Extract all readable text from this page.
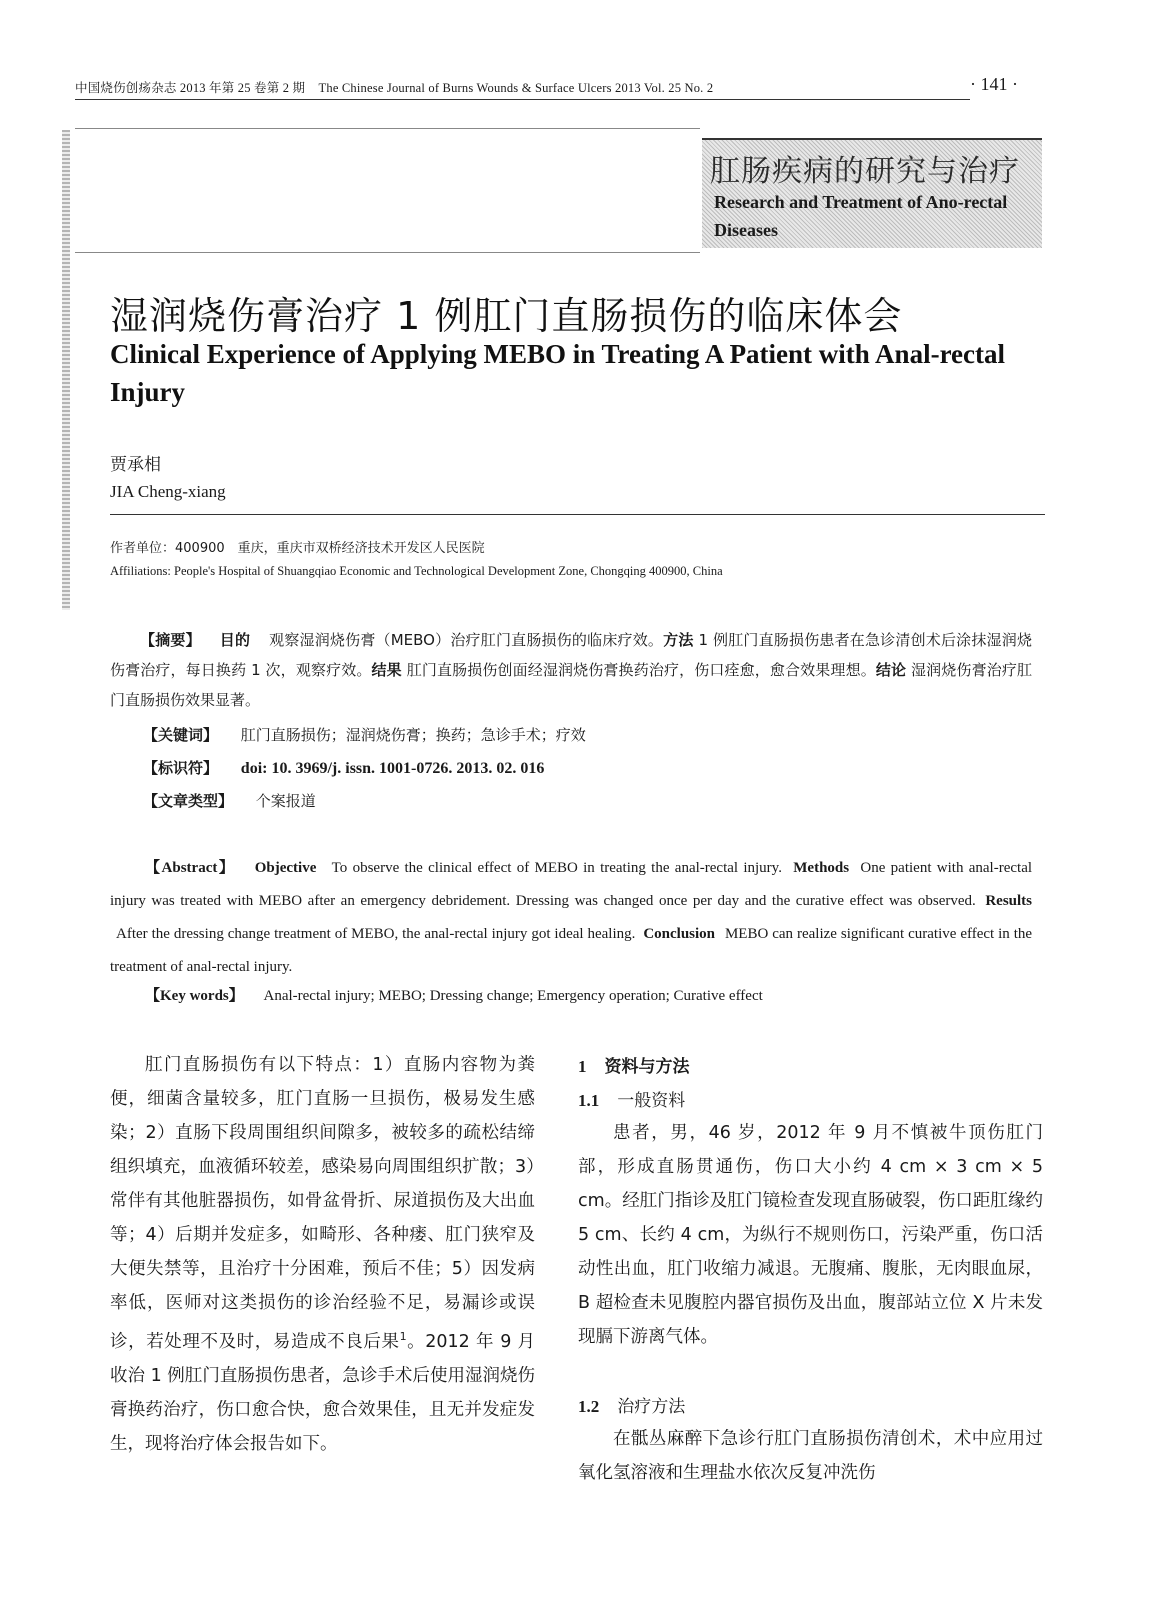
中国烧伤创疡杂志 2013 年第 25 卷第 2 期 The Chinese Journal of Burns Wounds & Surface Ulcers 2013 Vol. 25 No. 2	· 141 ·
肛肠疾病的研究与治疗
Research and Treatment of Ano-rectal Diseases
湿润烧伤膏治疗 1 例肛门直肠损伤的临床体会
Clinical Experience of Applying MEBO in Treating A Patient with Anal-rectal Injury
贾承相
JIA Cheng-xiang
作者单位：400900　重庆，重庆市双桥经济技术开发区人民医院
Affiliations: People's Hospital of Shuangqiao Economic and Technological Development Zone, Chongqing 400900, China
【摘要】 目的 观察湿润烧伤膏（MEBO）治疗肛门直肠损伤的临床疗效。方法 1 例肛门直肠损伤患者在急诊清创术后涂抹湿润烧伤膏治疗，每日换药 1 次，观察疗效。结果 肛门直肠损伤创面经湿润烧伤膏换药治疗，伤口痊愈，愈合效果理想。结论 湿润烧伤膏治疗肛门直肠损伤效果显著。
【关键词】 肛门直肠损伤；湿润烧伤膏；换药；急诊手术；疗效
【标识符】 doi: 10. 3969/j. issn. 1001-0726. 2013. 02. 016
【文章类型】 个案报道
【Abstract】 Objective To observe the clinical effect of MEBO in treating the anal-rectal injury. Methods One patient with anal-rectal injury was treated with MEBO after an emergency debridement. Dressing was changed once per day and the curative effect was observed. Results After the dressing change treatment of MEBO, the anal-rectal injury got ideal healing. Conclusion MEBO can realize significant curative effect in the treatment of anal-rectal injury.
【Key words】 Anal-rectal injury; MEBO; Dressing change; Emergency operation; Curative effect
肛门直肠损伤有以下特点：1）直肠内容物为粪便，细菌含量较多，肛门直肠一旦损伤，极易发生感染；2）直肠下段周围组织间隙多，被较多的疏松结缔组织填充，血液循环较差，感染易向周围组织扩散；3）常伴有其他脏器损伤，如骨盆骨折、尿道损伤及大出血等；4）后期并发症多，如畸形、各种瘘、肛门狭窄及大便失禁等，且治疗十分困难，预后不佳；5）因发病率低，医师对这类损伤的诊治经验不足，易漏诊或误诊，若处理不及时，易造成不良后果$^1$。2012 年 9 月收治 1 例肛门直肠损伤患者，急诊手术后使用湿润烧伤膏换药治疗，伤口愈合快，愈合效果佳，且无并发症发生，现将治疗体会报告如下。
1 资料与方法
1.1 一般资料
患者，男，46 岁，2012 年 9 月不慎被牛顶伤肛门部，形成直肠贯通伤，伤口大小约 4 cm × 3 cm × 5 cm。经肛门指诊及肛门镜检查发现直肠破裂，伤口距肛缘约 5 cm、长约 4 cm，为纵行不规则伤口，污染严重，伤口活动性出血，肛门收缩力减退。无腹痛、腹胀，无肉眼血尿，B 超检查未见腹腔内器官损伤及出血，腹部站立位 X 片未发现膈下游离气体。
1.2 治疗方法
在骶丛麻醉下急诊行肛门直肠损伤清创术，术中应用过氧化氢溶液和生理盐水依次反复冲洗伤
